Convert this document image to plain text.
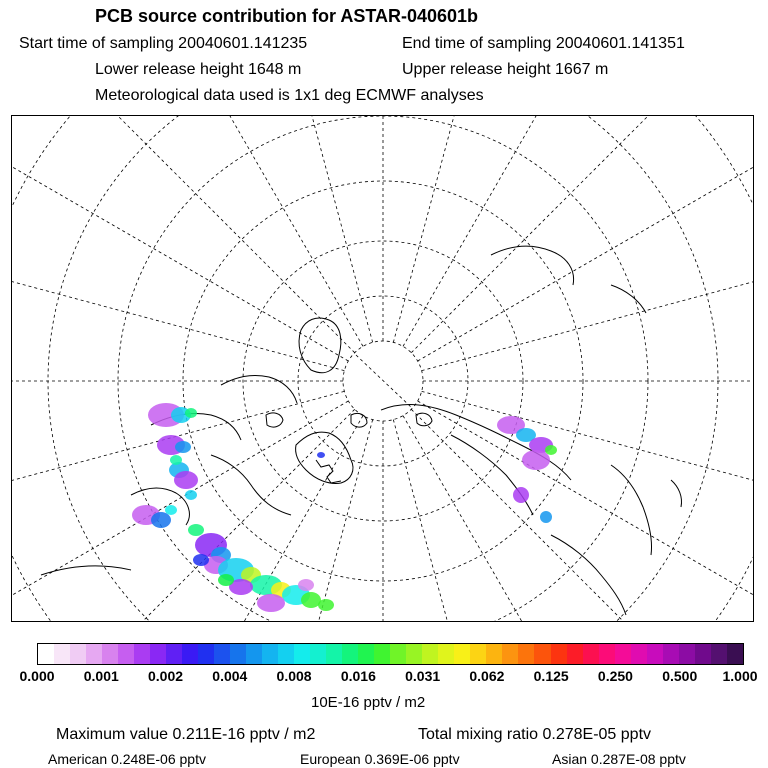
PCB source contribution for ASTAR-040601b
Start time of sampling 20040601.141235	End time of sampling 20040601.141351
Lower release height 1648 m	Upper release height 1667 m
Meteorological data used is 1x1 deg ECMWF analyses
0.000 0.001 0.002 0.004 0.008 0.016 0.031 0.062 0.125 0.250 0.500 1.000
10E-16 pptv / m2
Maximum value 0.211E-16 pptv / m2	Total mixing ratio 0.278E-05 pptv
American 0.248E-06 pptv	European 0.369E-06 pptv	Asian 0.287E-08 pptv
